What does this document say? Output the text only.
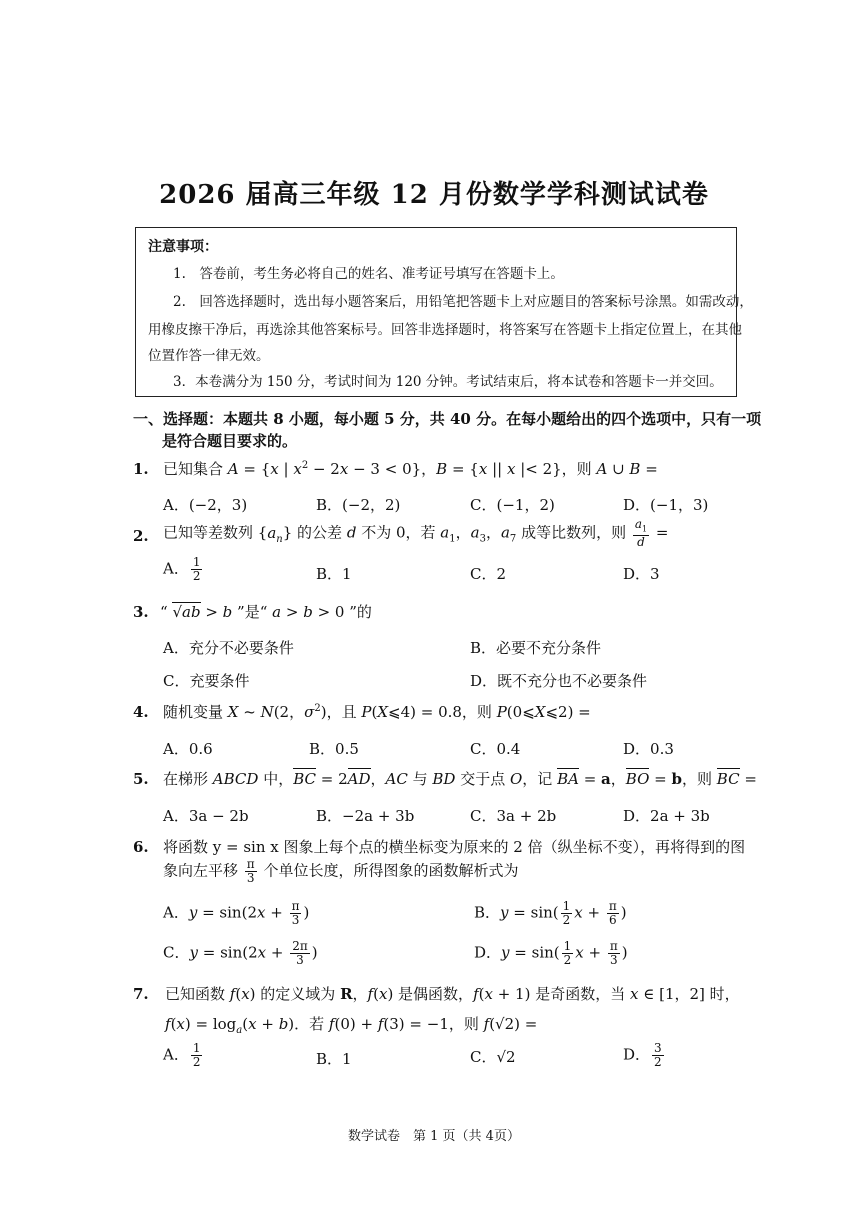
2026 届高三年级 12 月份数学学科测试试卷
注意事项：
1.　答卷前，考生务必将自己的姓名、准考证号填写在答题卡上。
2.　回答选择题时，选出每小题答案后，用铅笔把答题卡上对应题目的答案标号涂黑。如需改动，
用橡皮擦干净后，再选涂其他答案标号。回答非选择题时，将答案写在答题卡上指定位置上，在其他
位置作答一律无效。
3．本卷满分为 150 分，考试时间为 120 分钟。考试结束后，将本试卷和答题卡一并交回。
一、选择题：本题共 8 小题，每小题 5 分，共 40 分。在每小题给出的四个选项中，只有一项
是符合题目要求的。
1. 已知集合 A = {x | $x^2 - 2x - 3 < 0$}，B = {x || x |< 2}，则 A ∪ B =
A．(−2，3)	B．(−2，2)	C．(−1，2)	D．(−1，3)
2. 已知等差数列 $\{a_n\}$ 的公差 d 不为 0，若 $a_1$，$a_3$，$a_7$ 成等比数列，则 $\frac{a_1}{d}$ =
A． $\frac{1}{2}$	B．1	C．2	D．3
3. “ √ab > b ”是“ a > b > 0 ”的
A．充分不必要条件	B．必要不充分条件
C．充要条件	D．既不充分也不必要条件
4. 随机变量 X ~ N(2，$\sigma^2$)，且 P(X⩽4) = 0.8，则 P(0⩽X⩽2) =
A．0.6	B．0.5	C．0.4	D．0.3
5. 在梯形 ABCD 中，BC = 2AD，AC 与 BD 交于点 O，记 BA = a，BO = b，则 BC =
A．3a − 2b	B．−2a + 3b	C．3a + 2b	D．2a + 3b
6. 将函数 y = sin x 图象上每个点的横坐标变为原来的 2 倍（纵坐标不变），再将得到的图
象向左平移 $\frac{\pi}{3}$ 个单位长度，所得图象的函数解析式为
A．$y = \sin(2x + \frac{\pi}{3}$ )	B．$y = \sin( \frac{1}{2}$ $x + \frac{\pi}{6}$ )
C．$y = \sin(2x + \frac{2\pi}{3}$ )	D．$y = \sin( \frac{1}{2}$ $x + \frac{\pi}{3}$ )
7. 已知函数 f(x) 的定义域为 R，f(x) 是偶函数，f(x + 1) 是奇函数，当 x ∈ [1，2] 时，
$f(x) = \log_a(x + b)$．若 f(0) + f(3) = −1，则 f(√2) =
A． $\frac{1}{2}$	B．1	C．√2	D． $\frac{3}{2}$
数学试卷　第 1 页（共 4页）
